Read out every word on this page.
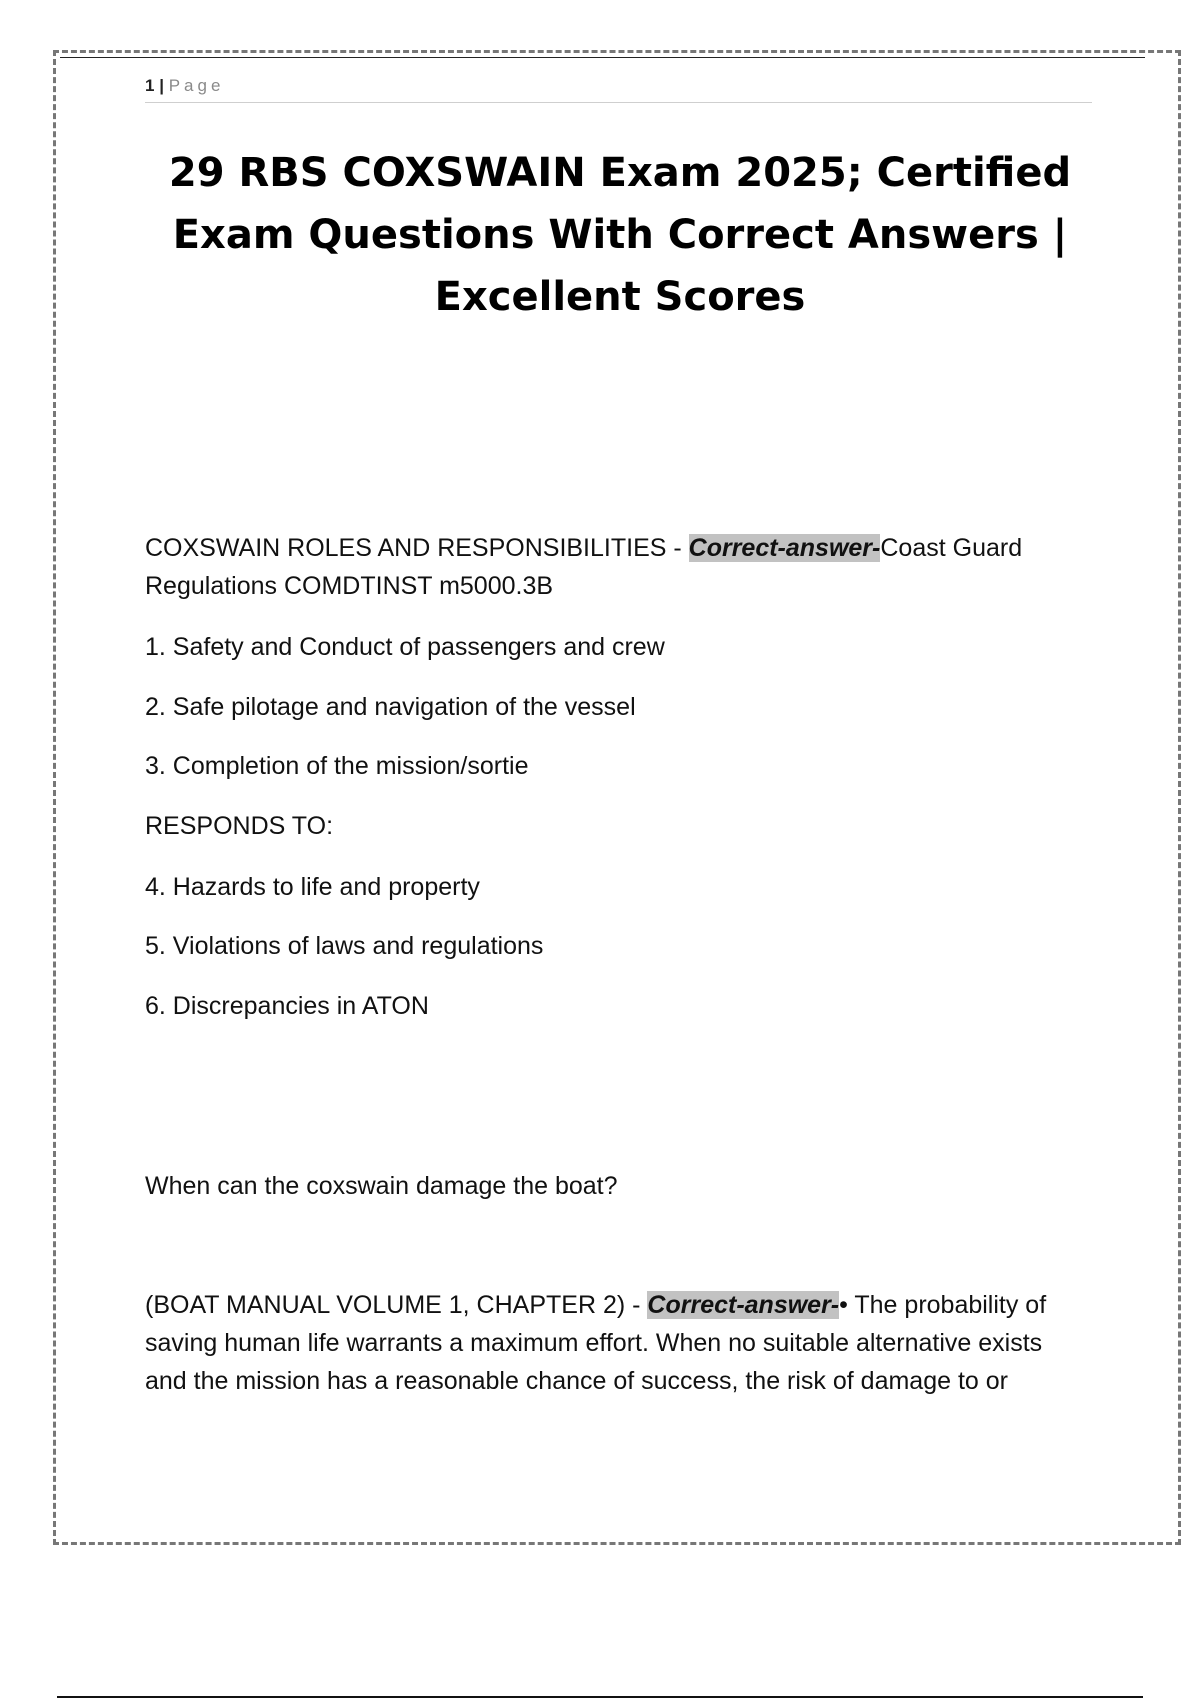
1 | Page
29 RBS COXSWAIN Exam 2025; Certified
Exam Questions With Correct Answers |
Excellent Scores

COXSWAIN ROLES AND RESPONSIBILITIES - Correct-answer-Coast Guard
Regulations COMDTINST m5000.3B

1. Safety and Conduct of passengers and crew

2. Safe pilotage and navigation of the vessel

3. Completion of the mission/sortie

RESPONDS TO:

4. Hazards to life and property

5. Violations of laws and regulations

6. Discrepancies in ATON

When can the coxswain damage the boat?

(BOAT MANUAL VOLUME 1, CHAPTER 2) - Correct-answer-• The probability of
saving human life warrants a maximum effort. When no suitable alternative exists
and the mission has a reasonable chance of success, the risk of damage to or
